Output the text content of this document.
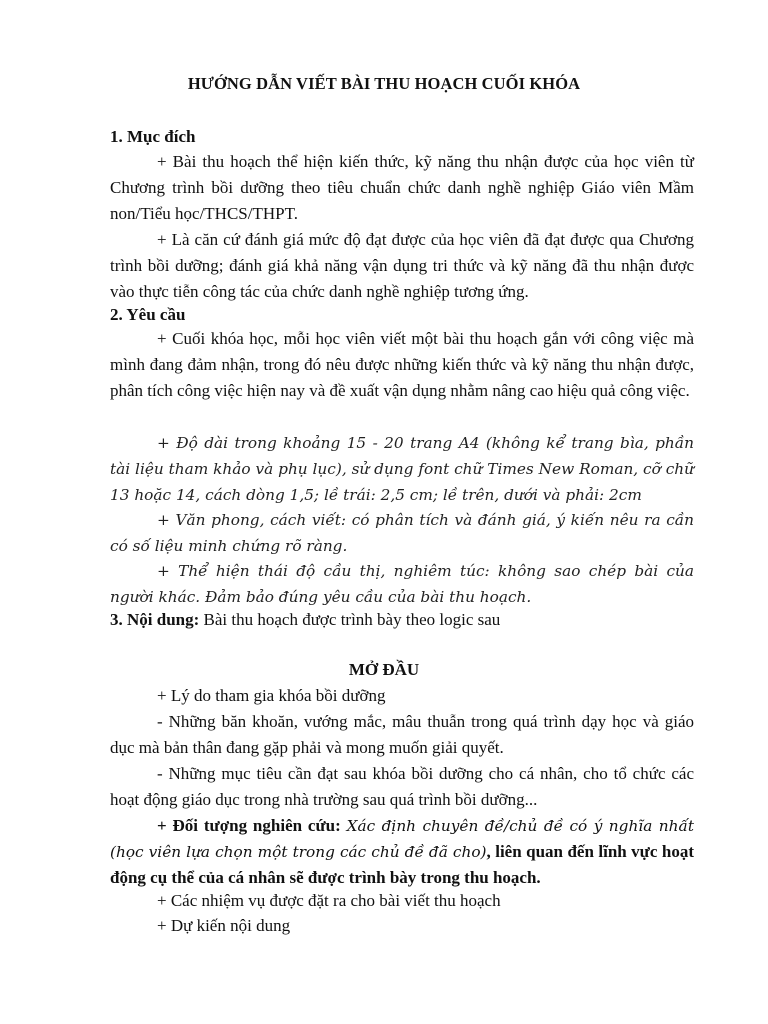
HƯỚNG DẪN VIẾT BÀI THU HOẠCH CUỐI KHÓA
1. Mục đích
+ Bài thu hoạch thể hiện kiến thức, kỹ năng thu nhận được của học viên từ Chương trình bồi dưỡng theo tiêu chuẩn chức danh nghề nghiệp Giáo viên Mầm non/Tiểu học/THCS/THPT.
+ Là căn cứ đánh giá mức độ đạt được của học viên đã đạt được qua Chương trình bồi dưỡng; đánh giá khả năng vận dụng tri thức và kỹ năng đã thu nhận được vào thực tiễn công tác của chức danh nghề nghiệp tương ứng.
2. Yêu cầu
+ Cuối khóa học, mỗi học viên viết một bài thu hoạch gắn với công việc mà mình đang đảm nhận, trong đó nêu được những kiến thức và kỹ năng thu nhận được, phân tích công việc hiện nay và đề xuất vận dụng nhằm nâng cao hiệu quả công việc.
+ Độ dài trong khoảng 15 - 20 trang A4 (không kể trang bìa, phần tài liệu tham khảo và phụ lục), sử dụng font chữ Times New Roman, cỡ chữ 13 hoặc 14, cách dòng 1,5; lề trái: 2,5 cm; lề trên, dưới và phải: 2cm
+ Văn phong, cách viết: có phân tích và đánh giá, ý kiến nêu ra cần có số liệu minh chứng rõ ràng.
+ Thể hiện thái độ cầu thị, nghiêm túc: không sao chép bài của người khác. Đảm bảo đúng yêu cầu của bài thu hoạch.
3. Nội dung: Bài thu hoạch được trình bày theo logic sau
MỞ ĐẦU
+ Lý do tham gia khóa bồi dưỡng
- Những băn khoăn, vướng mắc, mâu thuẫn trong quá trình dạy học và giáo dục mà bản thân đang gặp phải và mong muốn giải quyết.
- Những mục tiêu cần đạt sau khóa bồi dưỡng cho cá nhân, cho tổ chức các hoạt động giáo dục trong nhà trường sau quá trình bồi dưỡng...
+ Đối tượng nghiên cứu: Xác định chuyên đề/chủ đề có ý nghĩa nhất (học viên lựa chọn một trong các chủ đề đã cho), liên quan đến lĩnh vực hoạt động cụ thể của cá nhân sẽ được trình bày trong thu hoạch.
+ Các nhiệm vụ được đặt ra cho bài viết thu hoạch
+ Dự kiến nội dung
